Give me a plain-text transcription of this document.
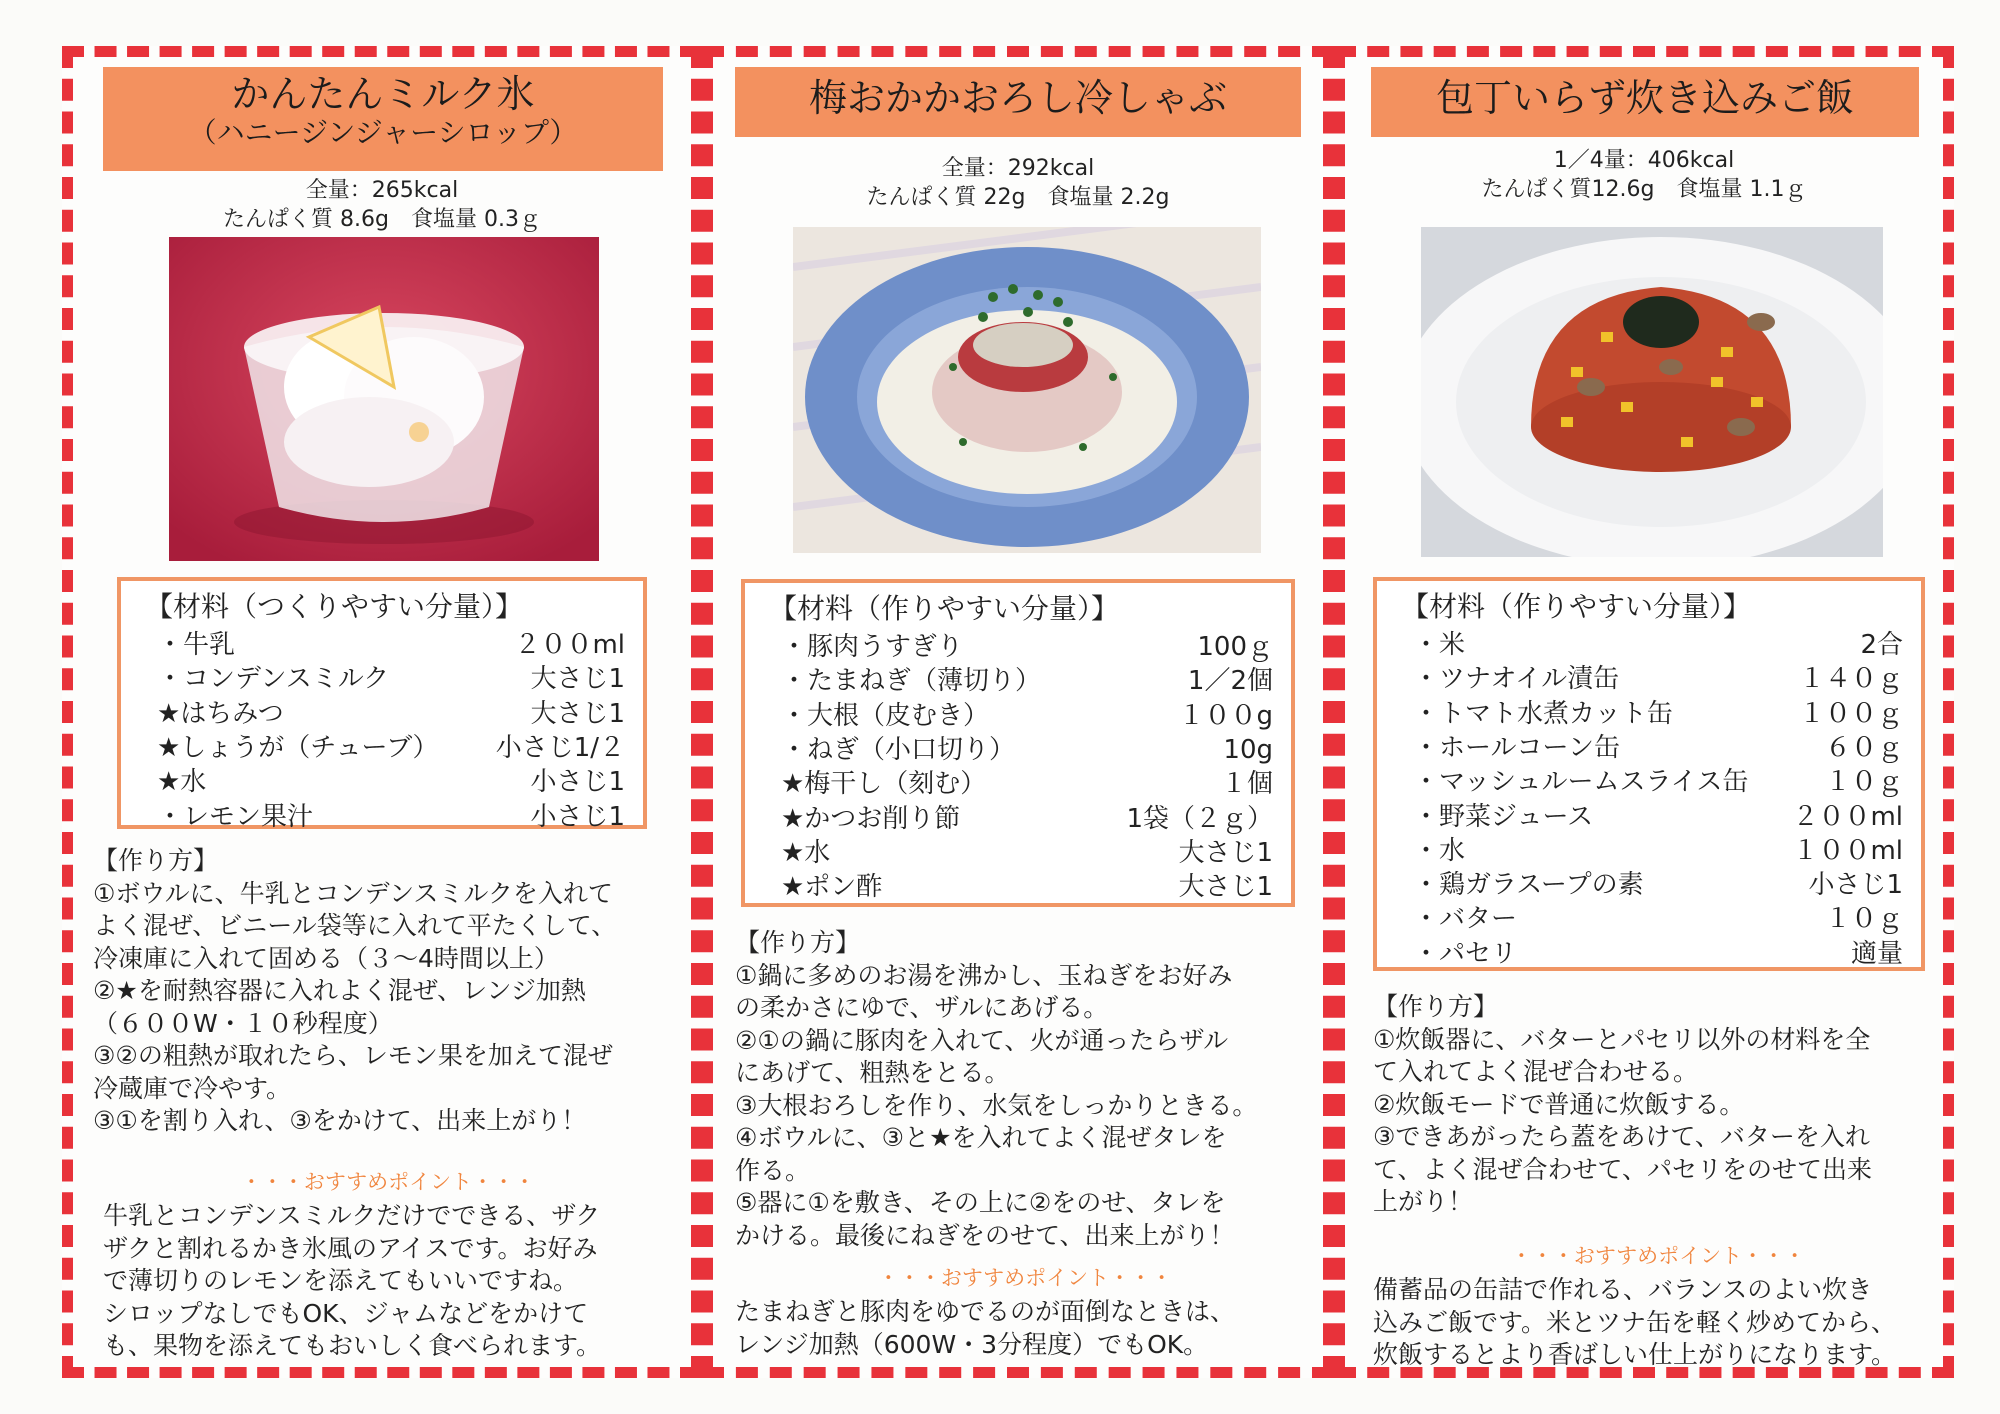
かんたんミルク氷
（ハニージンジャーシロップ）
全量：265kcal
たんぱく質 8.6g　食塩量 0.3ｇ
【材料（つくりやすい分量）】
・牛乳	２００ml
・コンデンスミルク	大さじ1
★はちみつ	大さじ1
★しょうが（チューブ） 小さじ1/２
★水	小さじ1
・レモン果汁	小さじ1
【作り方】
①ボウルに、牛乳とコンデンスミルクを入れて
よく混ぜ、ビニール袋等に入れて平たくして、
冷凍庫に入れて固める（３～4時間以上）
②★を耐熱容器に入れよく混ぜ、レンジ加熱
（６００W・１０秒程度）
③②の粗熱が取れたら、レモン果を加えて混ぜ
冷蔵庫で冷やす。
③①を割り入れ、③をかけて、出来上がり！
・・・おすすめポイント・・・
牛乳とコンデンスミルクだけでできる、ザク
ザクと割れるかき氷風のアイスです。お好み
で薄切りのレモンを添えてもいいですね。
シロップなしでもOK、ジャムなどをかけて
も、果物を添えてもおいしく食べられます。
梅おかかおろし冷しゃぶ
全量：292kcal
たんぱく質 22g　食塩量 2.2g
【材料（作りやすい分量）】
・豚肉うすぎり	100ｇ
・たまねぎ（薄切り）	1／2個
・大根（皮むき）	１００g
・ねぎ（小口切り）	10g
★梅干し（刻む）	１個
★かつお削り節	1袋（２ｇ）
★水	大さじ1
★ポン酢	大さじ1
【作り方】
①鍋に多めのお湯を沸かし、玉ねぎをお好み
の柔かさにゆで、ザルにあげる。
②①の鍋に豚肉を入れて、火が通ったらザル
にあげて、粗熱をとる。
③大根おろしを作り、水気をしっかりときる。
④ボウルに、③と★を入れてよく混ぜタレを
作る。
⑤器に①を敷き、その上に②をのせ、タレを
かける。最後にねぎをのせて、出来上がり！
・・・おすすめポイント・・・
たまねぎと豚肉をゆでるのが面倒なときは、
レンジ加熱（600W・3分程度）でもOK。
包丁いらず炊き込みご飯
1／4量：406kcal
たんぱく質12.6g　食塩量 1.1ｇ
【材料（作りやすい分量）】
・米	2合
・ツナオイル漬缶	１４０ｇ
・トマト水煮カット缶	１００ｇ
・ホールコーン缶	６０ｇ
・マッシュルームスライス缶	１０ｇ
・野菜ジュース	２００ml
・水	１００ml
・鶏ガラスープの素	小さじ1
・バター	１０ｇ
・パセリ	適量
【作り方】
①炊飯器に、バターとパセリ以外の材料を全
て入れてよく混ぜ合わせる。
②炊飯モードで普通に炊飯する。
③できあがったら蓋をあけて、バターを入れ
て、よく混ぜ合わせて、パセリをのせて出来
上がり！
・・・おすすめポイント・・・
備蓄品の缶詰で作れる、バランスのよい炊き
込みご飯です。米とツナ缶を軽く炒めてから、
炊飯するとより香ばしい仕上がりになります。
